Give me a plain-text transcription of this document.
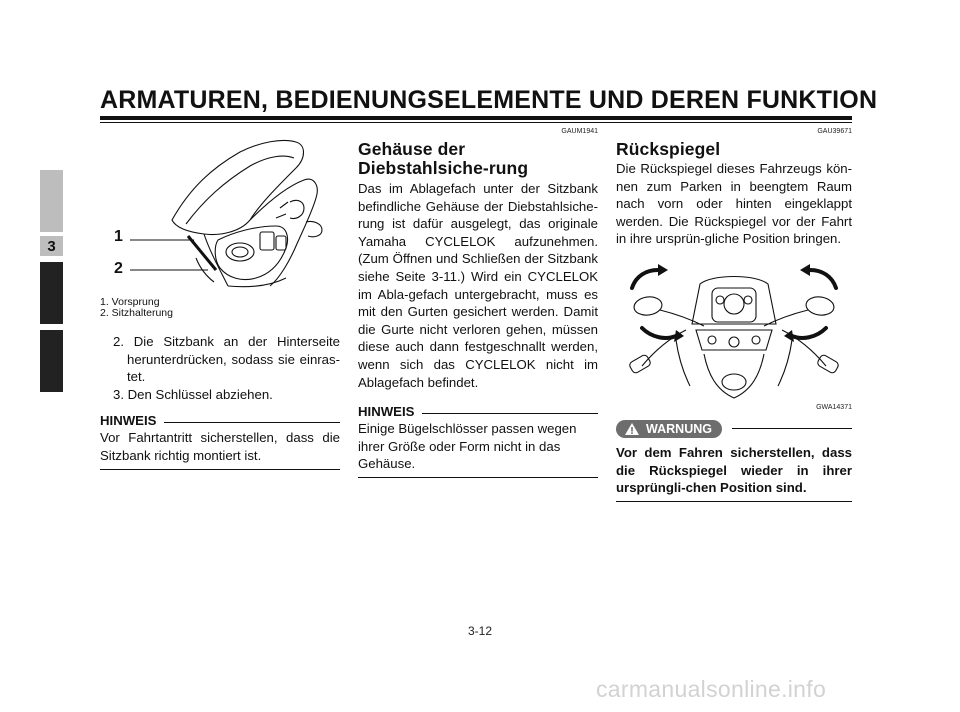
ARMATUREN, BEDIENUNGSELEMENTE UND DEREN FUNKTION
3
1
2
1. Vorsprung
2. Sitzhalterung
2. Die Sitzbank an der Hinterseite herunterdrücken, sodass sie einras-tet.
3. Den Schlüssel abziehen.
HINWEIS

Vor Fahrtantritt sicherstellen, dass die Sitzbank richtig montiert ist.

GAUM1941
Gehäuse der Diebstahlsiche-rung

Das im Ablagefach unter der Sitzbank befindliche Gehäuse der Diebstahlsiche-rung ist dafür ausgelegt, das originale Yamaha CYCLELOK aufzunehmen. (Zum Öffnen und Schließen der Sitzbank siehe Seite 3-11.) Wird ein CYCLELOK im Abla-gefach untergebracht, muss es mit den Gurten gesichert werden. Damit die Gurte nicht verloren gehen, müssen diese auch dann festgeschnallt werden, wenn sich das CYCLELOK nicht im Ablagefach befindet.

HINWEIS

Einige Bügelschlösser passen wegen ihrer Größe oder Form nicht in das Gehäuse.

GAU39671
Rückspiegel

Die Rückspiegel dieses Fahrzeugs kön-nen zum Parken in beengtem Raum nach vorn oder hinten eingeklappt werden. Die Rückspiegel vor der Fahrt in ihre ursprün-gliche Position bringen.

GWA14371
WARNUNG

Vor dem Fahren sicherstellen, dass die Rückspiegel wieder in ihrer ursprüngli-chen Position sind.

3-12
carmanualsonline.info
